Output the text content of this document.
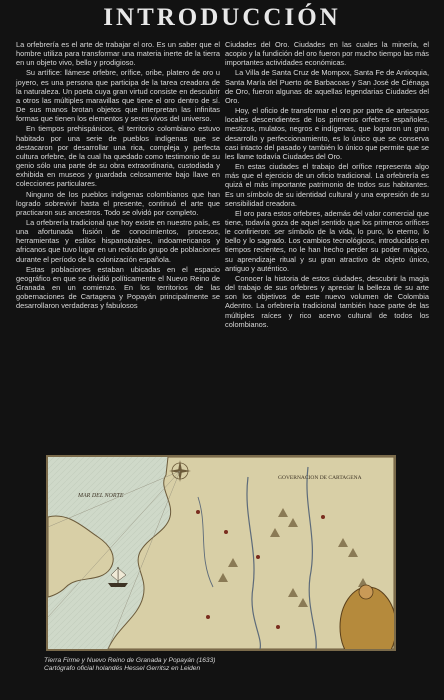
INTRODUCCIÓN

La orfebrería es el arte de trabajar el oro. Es un saber que el hombre utiliza para transformar una materia inerte de la tierra en un objeto vivo, bello y prodigioso.

Su artífice: llámese orfebre, orífice, oribe, platero de oro u joyero, es una persona que participa de la tarea creadora de la naturaleza. Un poeta cuya gran virtud consiste en descubrir a otros las múltiples maravillas que tiene el oro dentro de sí. De sus manos brotan objetos que interpretan las infinitas formas que tienen los elementos y seres vivos del universo.

En tiempos prehispánicos, el territorio colombiano estuvo habitado por una serie de pueblos indígenas que se destacaron por desarrollar una rica, compleja y perfecta cultura orfebre, de la cual ha quedado como testimonio de su genio sólo una parte de su obra extraordinaria, custodiada y exhibida en museos y guardada celosamente bajo llave en colecciones particulares.

Ninguno de los pueblos indígenas colombianos que han logrado sobrevivir hasta el presente, continuó el arte que practicaron sus ancestros. Todo se olvidó por completo.

La orfebrería tradicional que hoy existe en nuestro país, es una afortunada fusión de conocimientos, procesos, herramientas y estilos hispanoárabes, indoamericanos y africanos que tuvo lugar en un reducido grupo de poblaciones durante el período de la colonización española.

Estas poblaciones estaban ubicadas en el espacio geográfico en que se dividió políticamente el Nuevo Reino de Granada en un comienzo. En los territorios de las gobernaciones de Cartagena y Popayán principalmente se desarrollaron verdaderas y fabulosos

Ciudades del Oro. Ciudades en las cuales la minería, el acopio y la fundición del oro fueron por mucho tiempo las más importantes actividades económicas.

La Villa de Santa Cruz de Mompox, Santa Fe de Antioquia, Santa María del Puerto de Barbacoas y San José de Ciénaga de Oro, fueron algunas de aquellas legendarias Ciudades del Oro.

Hoy, el oficio de transformar el oro por parte de artesanos locales descendientes de los primeros orfebres españoles, mestizos, mulatos, negros e indígenas, que lograron un gran desarrollo y perfeccionamiento, es lo único que se conserva casi intacto del pasado y también lo único que permite que se les llame todavía Ciudades del Oro.

En estas ciudades el trabajo del orífice representa algo más que el ejercicio de un oficio tradicional. La orfebrería es quizá el más importante patrimonio de todos sus habitantes. Es un símbolo de su identidad cultural y una expresión de su sensibilidad creadora.

El oro para estos orfebres, además del valor comercial que tiene, todavía goza de aquel sentido que los primeros orífices le confirieron: ser símbolo de la vida, lo puro, lo eterno, lo bello y lo sagrado. Los cambios tecnológicos, introducidos en tiempos recientes, no le han hecho perder su poder mágico, su aprendizaje ritual y su gran atractivo de objeto único, antiguo y auténtico.

Conocer la historia de estos ciudades, descubrir la magia del trabajo de sus orfebres y apreciar la belleza de su arte son los objetivos de este nuevo volumen de Colombia Adentro. La orfebrería tradicional también hace parte de las múltiples raíces y rico acervo cultural de todos los colombianos.

GOVERNACION DE CARTAGENA
MAR DEL NORTE
Tierra Firme y Nuevo Reino de Granada y Popayán (1633)
Cartógrafo oficial holandés Hessel Gerritsz en Leiden
